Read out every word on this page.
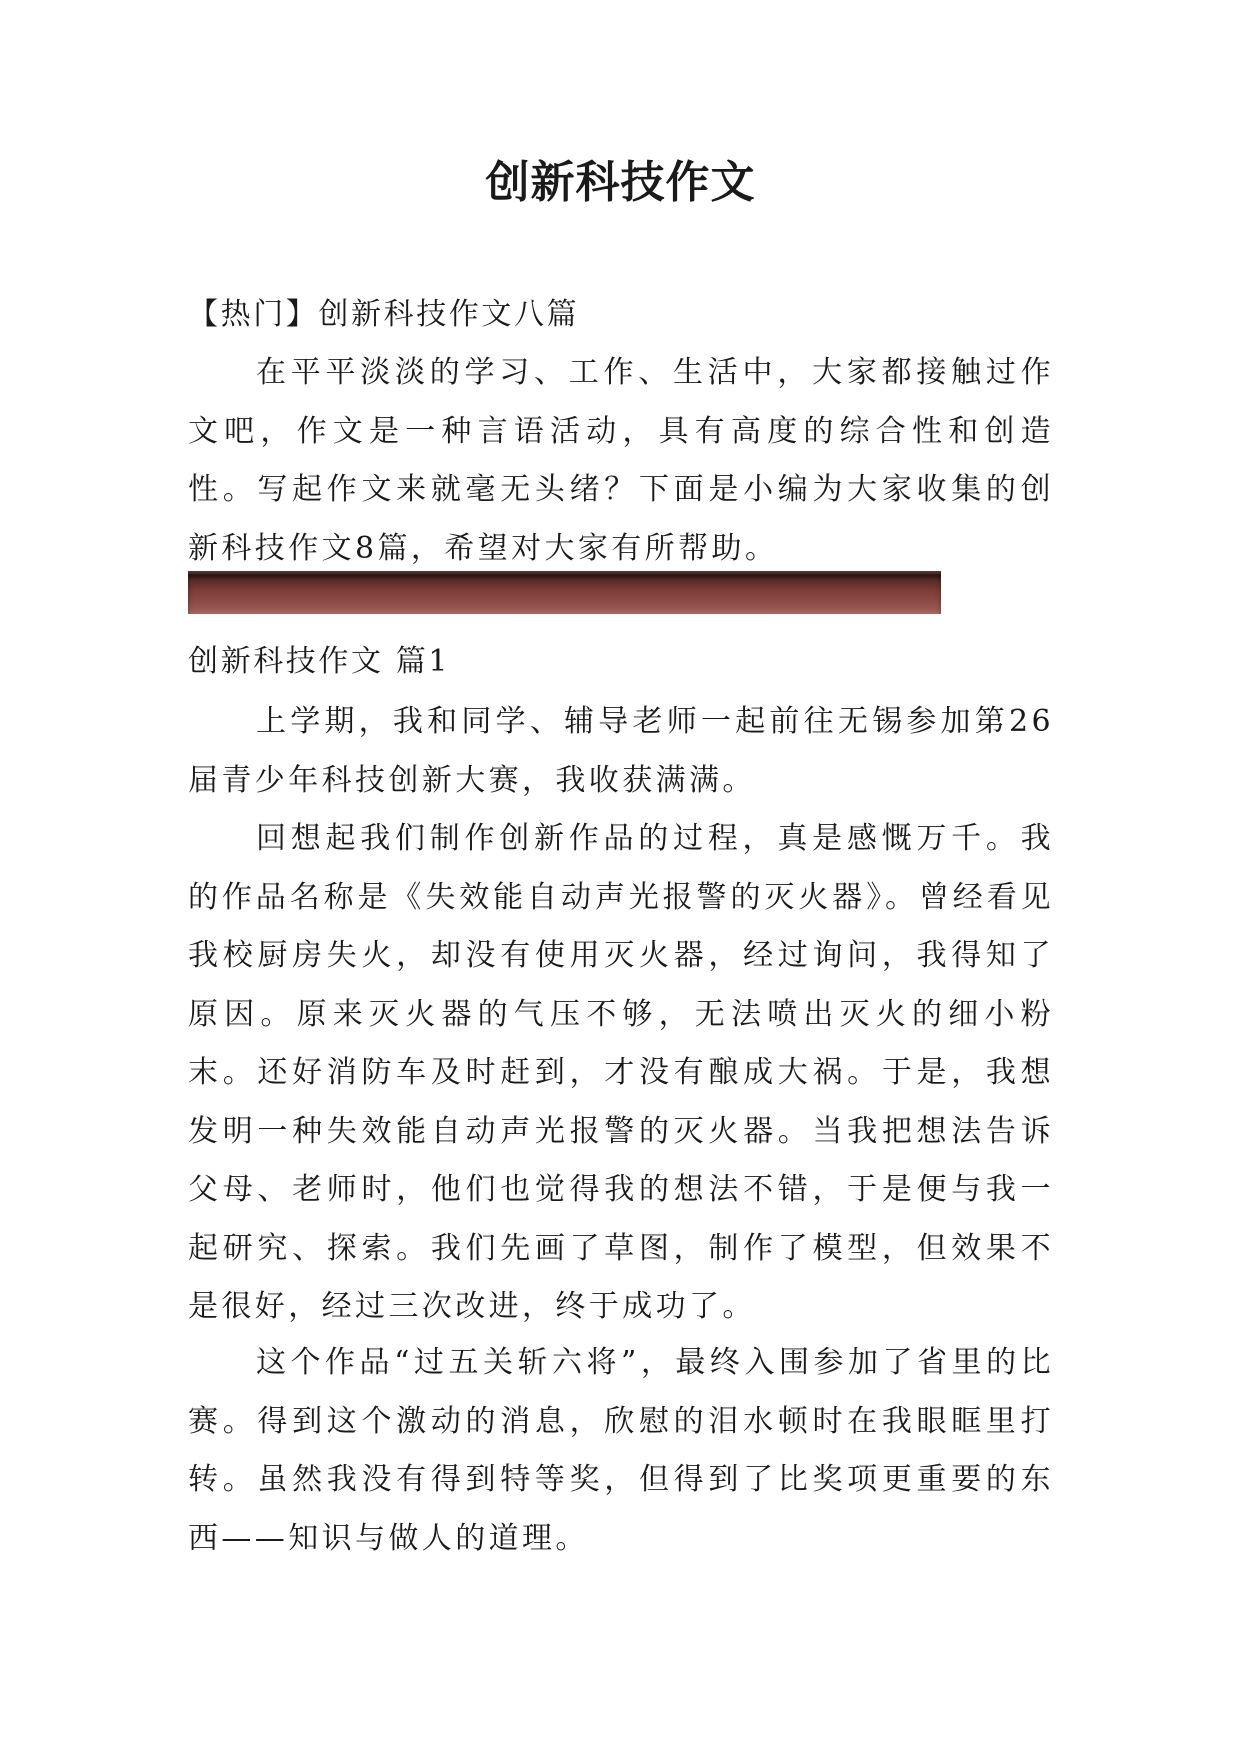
创新科技作文

【热门】创新科技作文八篇

在平平淡淡的学习、工作、生活中，大家都接触过作文吧，作文是一种言语活动，具有高度的综合性和创造性。写起作文来就毫无头绪？下面是小编为大家收集的创新科技作文8篇，希望对大家有所帮助。

创新科技作文 篇1

上学期，我和同学、辅导老师一起前往无锡参加第26届青少年科技创新大赛，我收获满满。

回想起我们制作创新作品的过程，真是感慨万千。我的作品名称是《失效能自动声光报警的灭火器》。曾经看见我校厨房失火，却没有使用灭火器，经过询问，我得知了原因。原来灭火器的气压不够，无法喷出灭火的细小粉末。还好消防车及时赶到，才没有酿成大祸。于是，我想发明一种失效能自动声光报警的灭火器。当我把想法告诉父母、老师时，他们也觉得我的想法不错，于是便与我一起研究、探索。我们先画了草图，制作了模型，但效果不是很好，经过三次改进，终于成功了。

这个作品“过五关斩六将”，最终入围参加了省里的比赛。得到这个激动的消息，欣慰的泪水顿时在我眼眶里打转。虽然我没有得到特等奖，但得到了比奖项更重要的东西——知识与做人的道理。
